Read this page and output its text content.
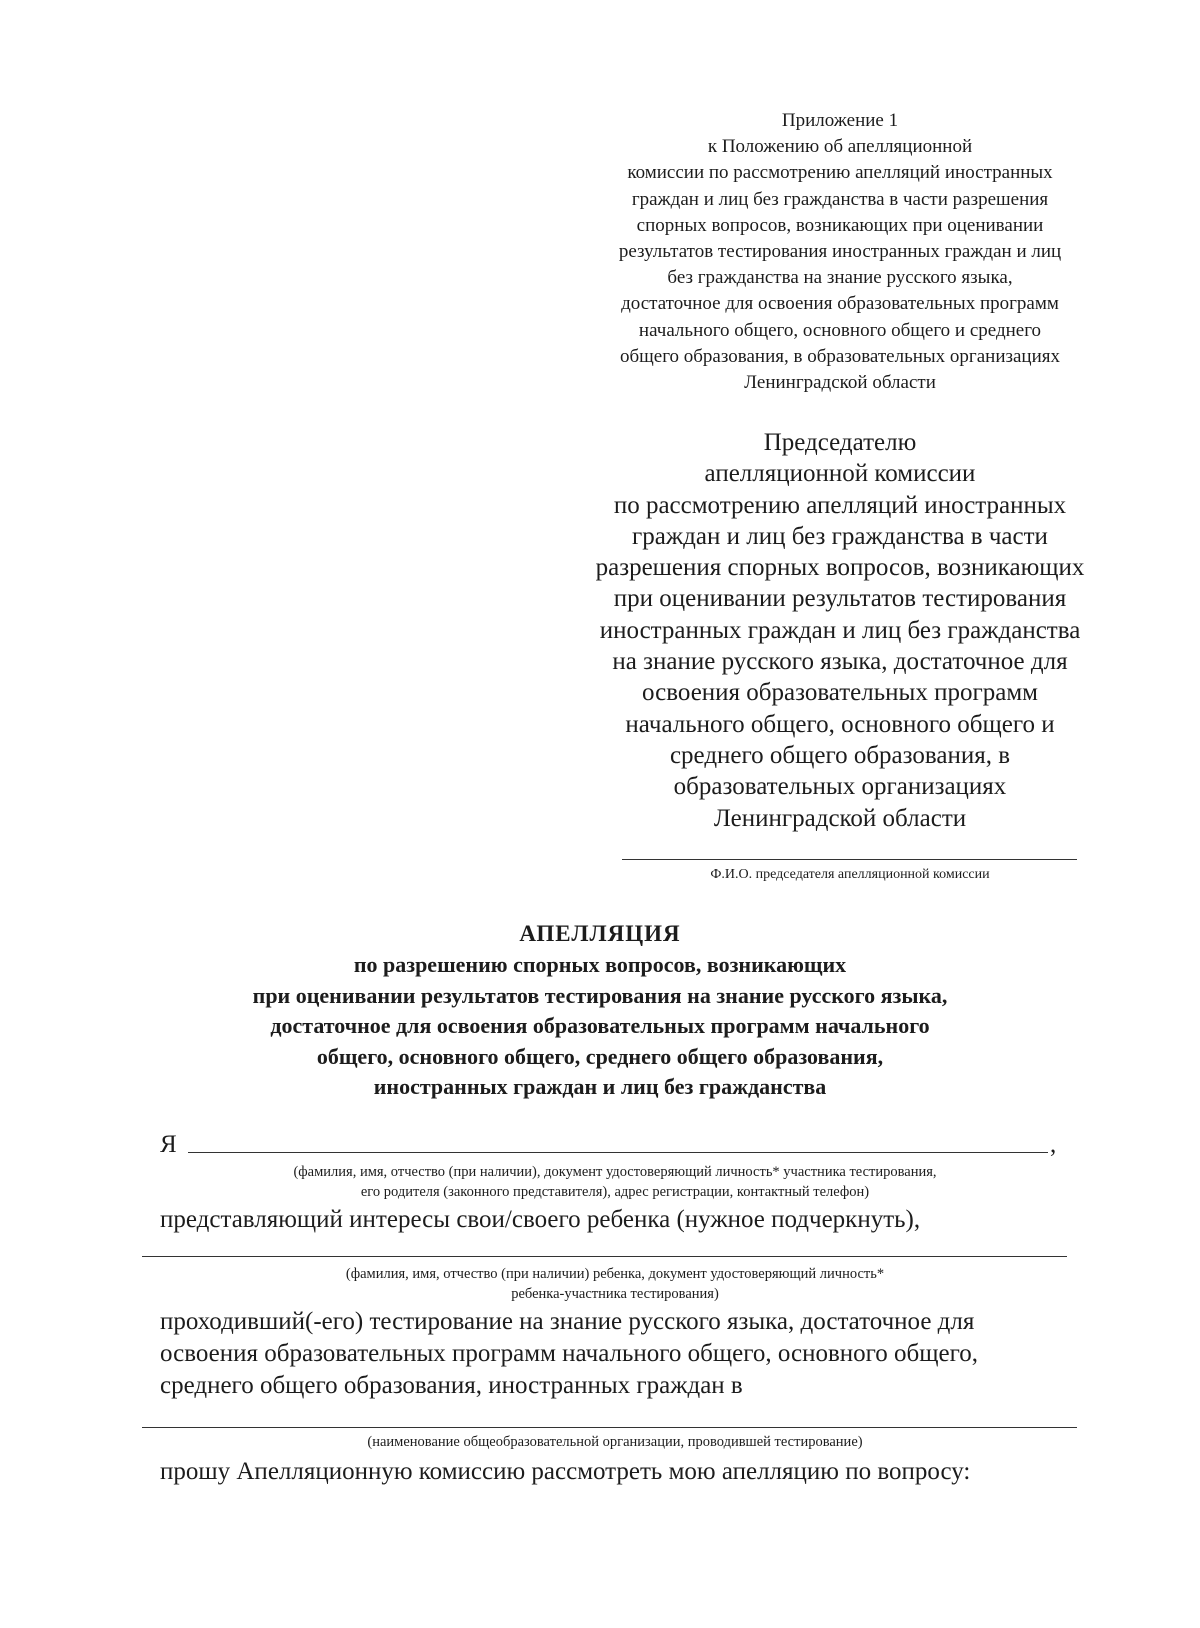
Приложение 1
к Положению об апелляционной
комиссии по рассмотрению апелляций иностранных
граждан и лиц без гражданства в части разрешения
спорных вопросов, возникающих при оценивании
результатов тестирования иностранных граждан и лиц
без гражданства на знание русского языка,
достаточное для освоения образовательных программ
начального общего, основного общего и среднего
общего образования, в образовательных организациях
Ленинградской области
Председателю
апелляционной комиссии
по рассмотрению апелляций иностранных
граждан и лиц без гражданства в части
разрешения спорных вопросов, возникающих
при оценивании результатов тестирования
иностранных граждан и лиц без гражданства
на знание русского языка, достаточное для
освоения образовательных программ
начального общего, основного общего и
среднего общего образования, в
образовательных организациях
Ленинградской области
Ф.И.О. председателя апелляционной комиссии
АПЕЛЛЯЦИЯ
по разрешению спорных вопросов, возникающих
при оценивании результатов тестирования на знание русского языка,
достаточное для освоения образовательных программ начального
общего, основного общего, среднего общего образования,
иностранных граждан и лиц без гражданства
Я	,
(фамилия, имя, отчество (при наличии), документ удостоверяющий личность* участника тестирования,
его родителя (законного представителя), адрес регистрации, контактный телефон)
представляющий интересы свои/своего ребенка (нужное подчеркнуть),
(фамилия, имя, отчество (при наличии) ребенка, документ удостоверяющий личность*
ребенка-участника тестирования)
проходивший(-его) тестирование на знание русского языка, достаточное для
освоения образовательных программ начального общего, основного общего,
среднего общего образования, иностранных граждан в
(наименование общеобразовательной организации, проводившей тестирование)
прошу Апелляционную комиссию рассмотреть мою апелляцию по вопросу:
